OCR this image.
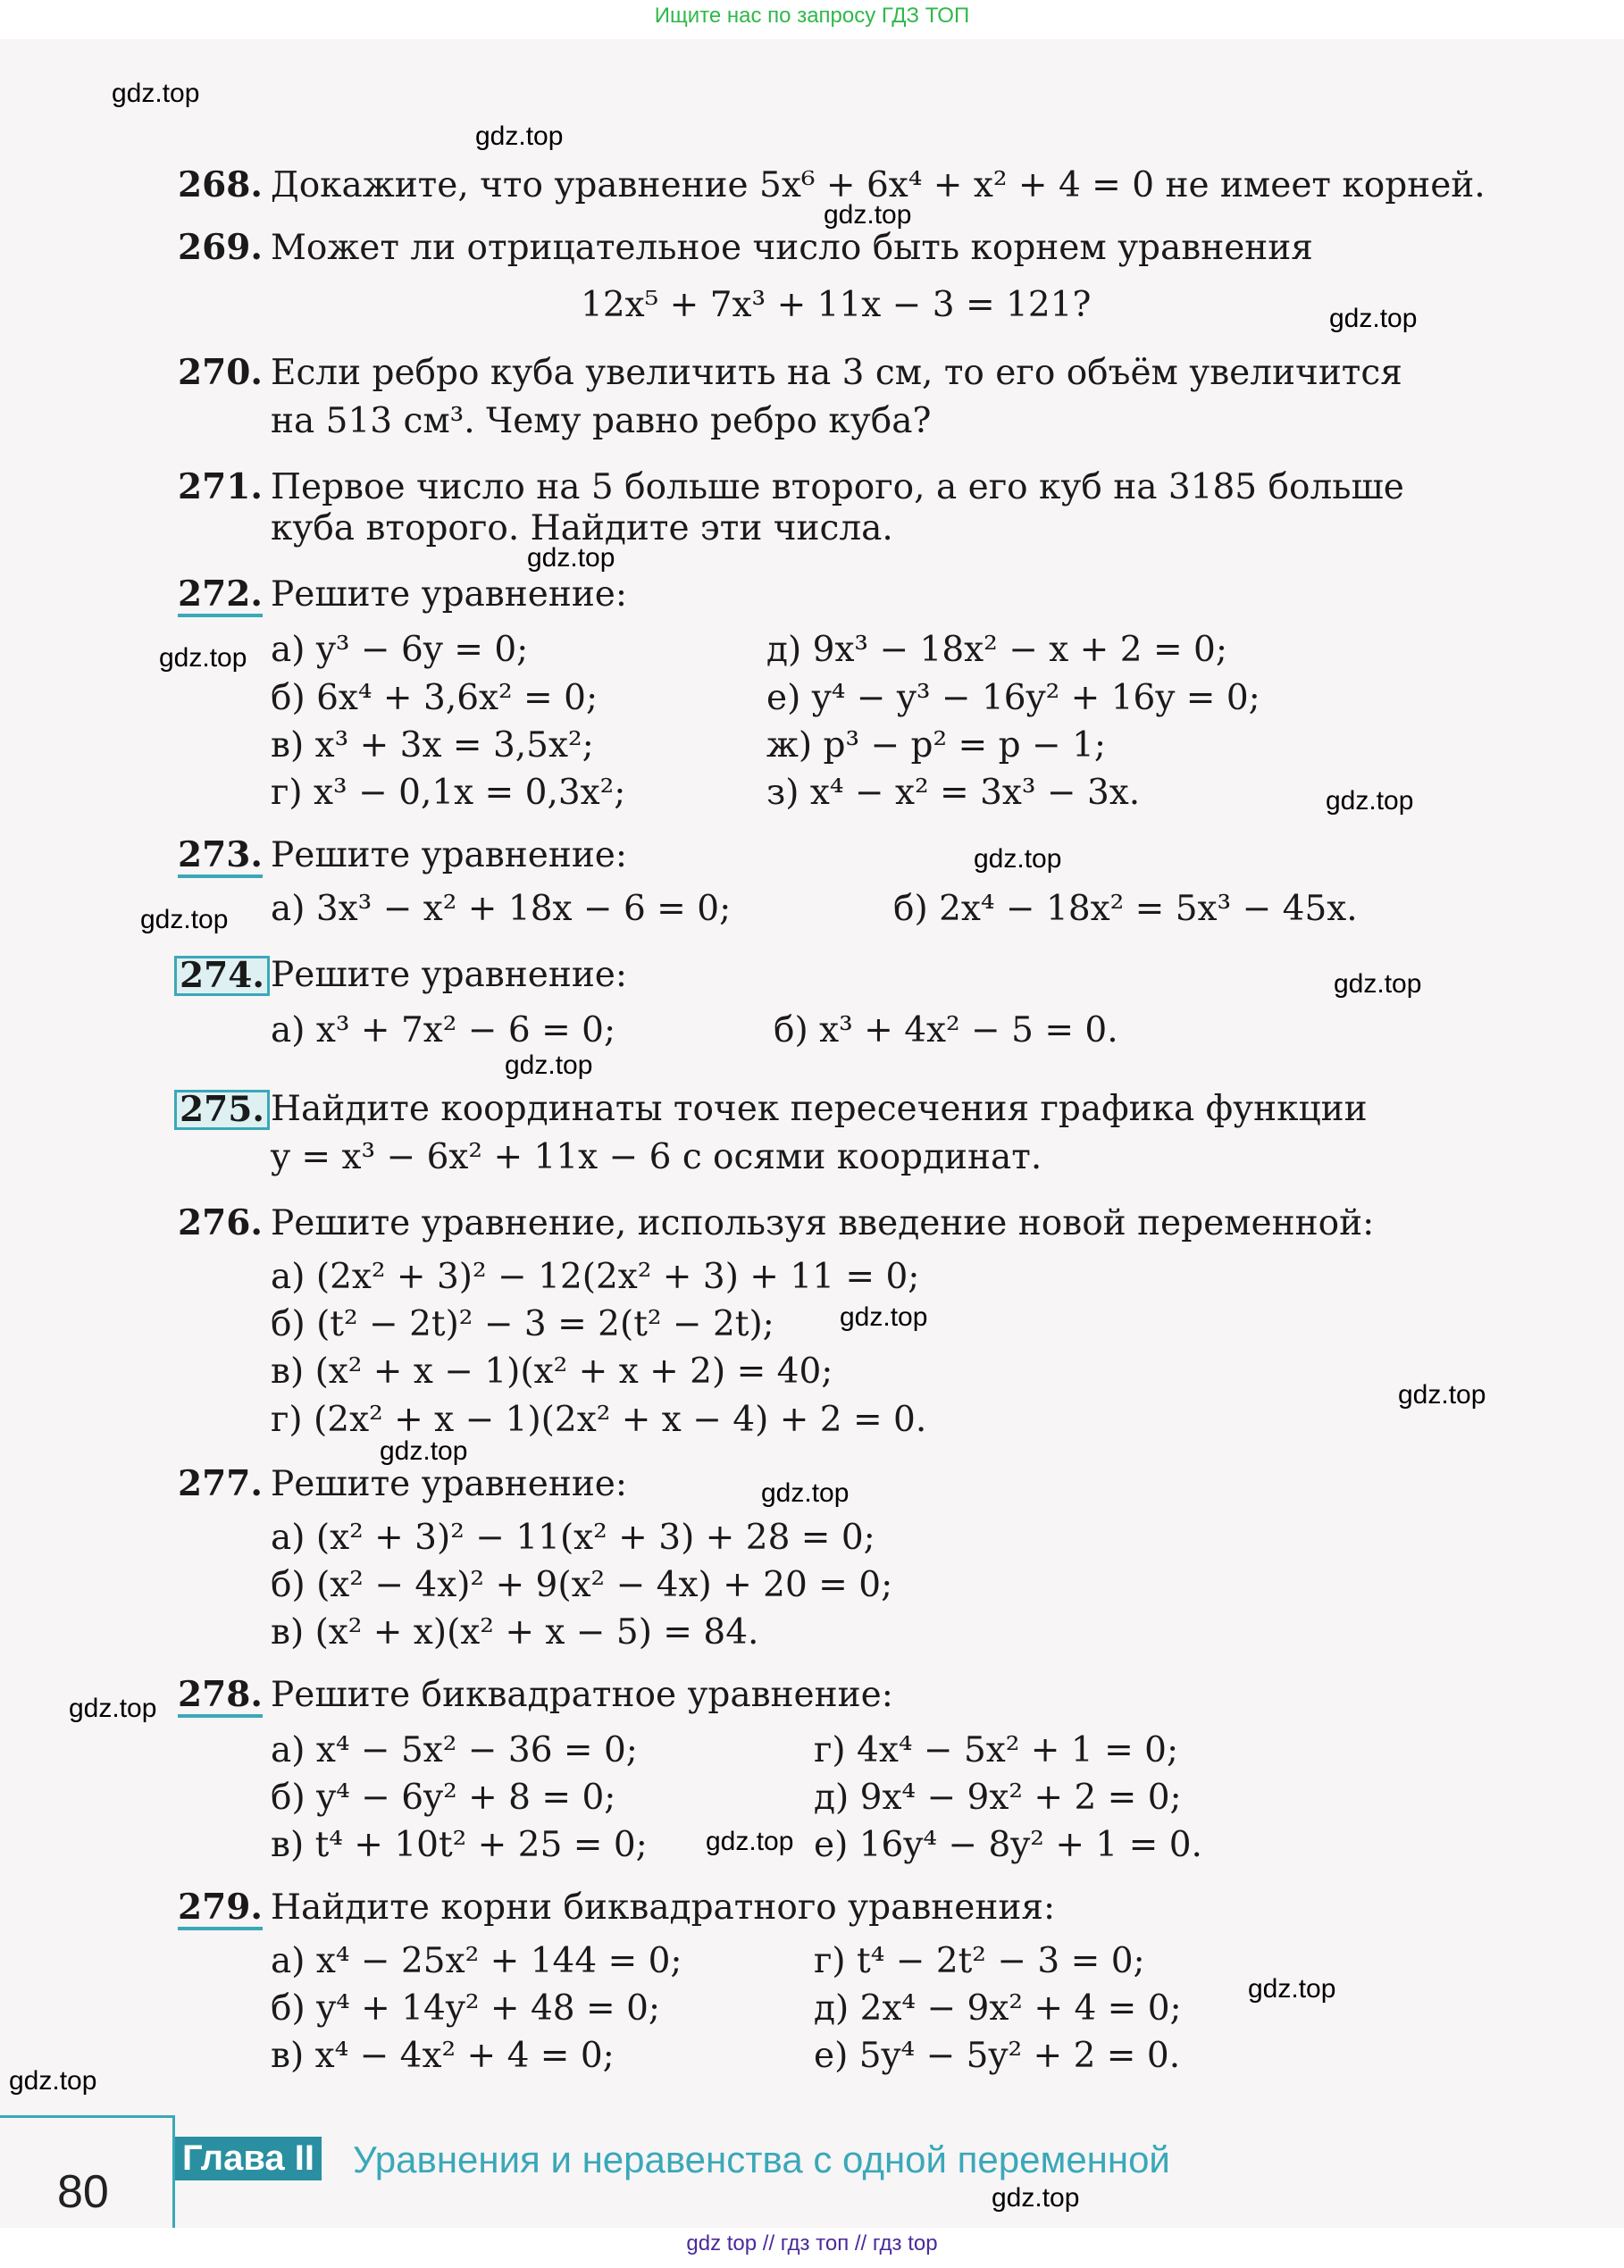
Ищите нас по запросу ГДЗ ТОП
268. Докажите, что уравнение 5x⁶ + 6x⁴ + x² + 4 = 0 не имеет корней.
269. Может ли отрицательное число быть корнем уравнения
12x⁵ + 7x³ + 11x − 3 = 121?
270. Если ребро куба увеличить на 3 см, то его объём увеличится
на 513 см³. Чему равно ребро куба?
271. Первое число на 5 больше второго, а его куб на 3185 больше
куба второго. Найдите эти числа.
272. Решите уравнение:
а) y³ − 6y = 0;
б) 6x⁴ + 3,6x² = 0;
в) x³ + 3x = 3,5x²;
г) x³ − 0,1x = 0,3x²;
д) 9x³ − 18x² − x + 2 = 0;
е) y⁴ − y³ − 16y² + 16y = 0;
ж) p³ − p² = p − 1;
з) x⁴ − x² = 3x³ − 3x.
273. Решите уравнение:
а) 3x³ − x² + 18x − 6 = 0;	б) 2x⁴ − 18x² = 5x³ − 45x.
274. Решите уравнение:
а) x³ + 7x² − 6 = 0;	б) x³ + 4x² − 5 = 0.
275. Найдите координаты точек пересечения графика функции
y = x³ − 6x² + 11x − 6 с осями координат.
276. Решите уравнение, используя введение новой переменной:
а) (2x² + 3)² − 12(2x² + 3) + 11 = 0;
б) (t² − 2t)² − 3 = 2(t² − 2t);
в) (x² + x − 1)(x² + x + 2) = 40;
г) (2x² + x − 1)(2x² + x − 4) + 2 = 0.
277. Решите уравнение:
а) (x² + 3)² − 11(x² + 3) + 28 = 0;
б) (x² − 4x)² + 9(x² − 4x) + 20 = 0;
в) (x² + x)(x² + x − 5) = 84.
278. Решите биквадратное уравнение:
а) x⁴ − 5x² − 36 = 0;
б) y⁴ − 6y² + 8 = 0;
в) t⁴ + 10t² + 25 = 0;
г) 4x⁴ − 5x² + 1 = 0;
д) 9x⁴ − 9x² + 2 = 0;
е) 16y⁴ − 8y² + 1 = 0.
279. Найдите корни биквадратного уравнения:
а) x⁴ − 25x² + 144 = 0;
б) y⁴ + 14y² + 48 = 0;
в) x⁴ − 4x² + 4 = 0;
г) t⁴ − 2t² − 3 = 0;
д) 2x⁴ − 9x² + 4 = 0;
е) 5y⁴ − 5y² + 2 = 0.
gdz.top
gdz.top
gdz.top
gdz.top
gdz.top
gdz.top
gdz.top
gdz.top
gdz.top
gdz.top
gdz.top
gdz.top
gdz.top
gdz.top
gdz.top
gdz.top
gdz.top
gdz.top
gdz.top
gdz.top
80
Глава II Уравнения и неравенства с одной переменной
gdz top // гдз топ // гдз top
